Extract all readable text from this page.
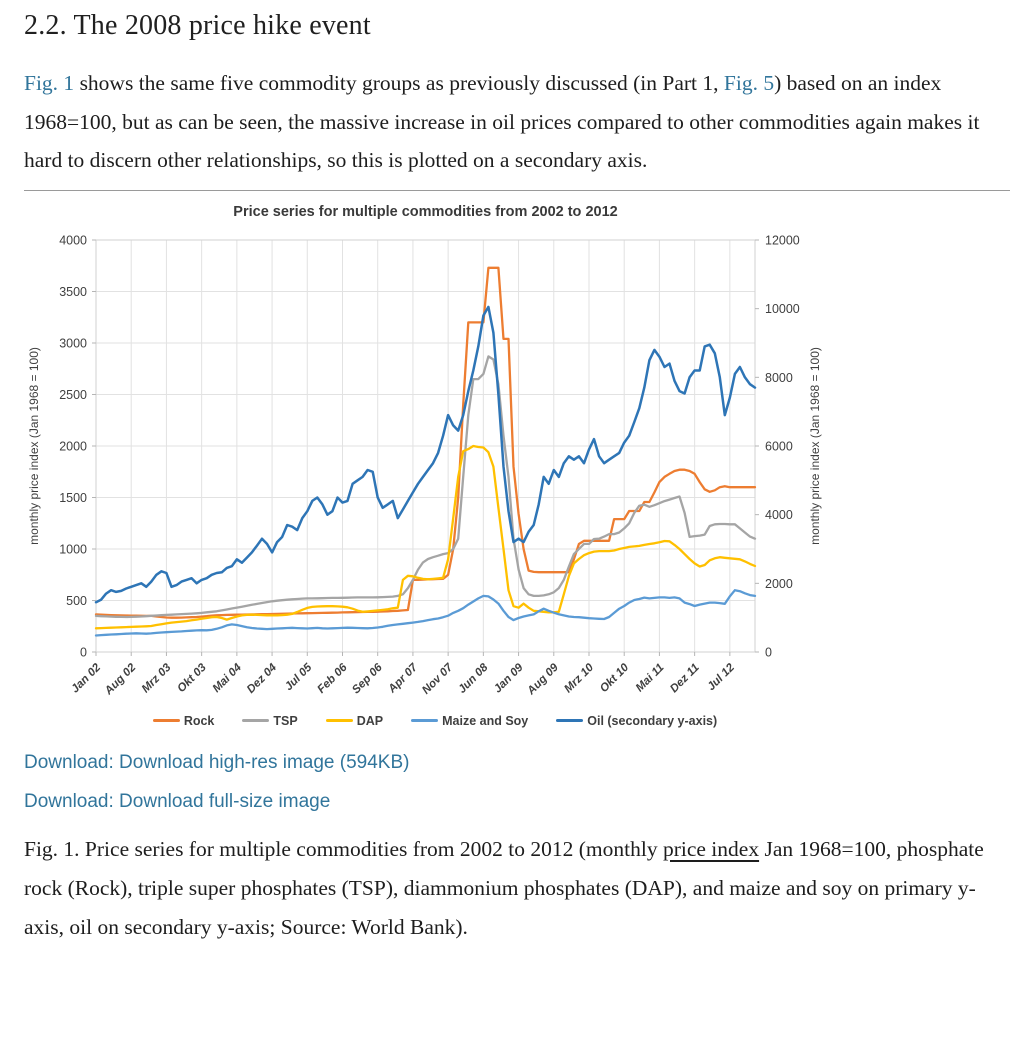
2.2. The 2008 price hike event

Fig. 1 shows the same five commodity groups as previously discussed (in Part 1, Fig. 5) based on an index 1968=100, but as can be seen, the massive increase in oil prices compared to other commodities again makes it hard to discern other relationships, so this is plotted on a secondary axis.

0
500
1000
1500
2000
2500
3000
3500
4000
0
2000
4000
6000
8000
10000
12000
Jan 02 Aug 02 Mrz 03 Okt 03 Mai 04 Dez 04 Jul 05 Feb 06 Sep 06 Apr 07 Nov 07 Jun 08 Jan 09 Aug 09 Mrz 10 Okt 10 Mai 11 Dez 11 Jul 12
monthly price index (Jan 1968 = 100)	monthly price index (Jan 1968 = 100)
Price series for multiple commodities from 2002 to 2012
Rock	TSP	DAP	Maize and Soy	Oil (secondary y-axis)

Download: Download high-res image (594KB)

Download: Download full-size image

Fig. 1. Price series for multiple commodities from 2002 to 2012 (monthly price index Jan 1968=100, phosphate rock (Rock), triple super phosphates (TSP), diammonium phosphates (DAP), and maize and soy on primary y-axis, oil on secondary y-axis; Source: World Bank).
